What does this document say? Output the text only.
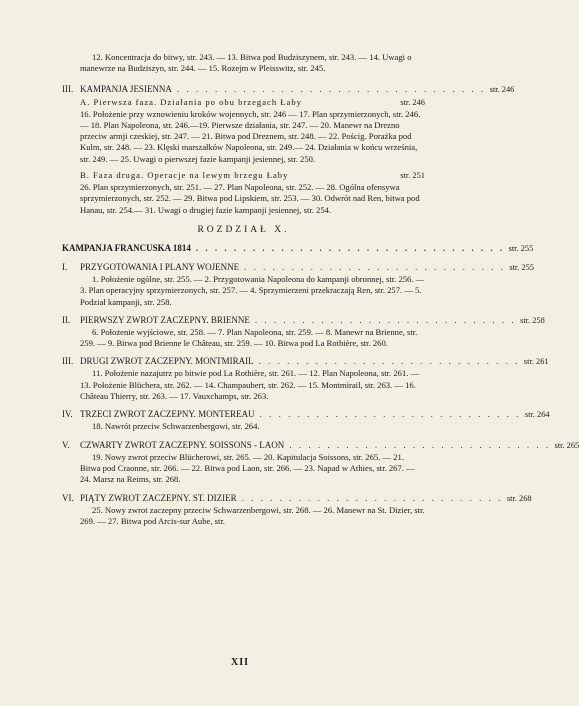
12. Koncentracja do bitwy, str. 243. — 13. Bitwa pod Budziszynem, str. 243. — 14. Uwagi o manewrze na Budziszyn, str. 244. — 15. Rozejm w Pleisswitz, str. 245.
III. KAMPANJA JESIENNA . . . . . . . . . . . . . . . . . . . . . . . . . . . . . . . . . str. 246
A. Pierwsza faza. Działania po obu brzegach Łaby	str. 246
16. Położenie przy wznowieniu kroków wojennych, str. 246 — 17. Plan sprzymierzonych, str. 246. — 18. Plan Napoleona, str. 246.—19. Pierwsze działania, str. 247. — 20. Manewr na Drezno przeciw armji czeskiej, str. 247. — 21. Bitwa pod Dreznem, str. 248. — 22. Pościg. Porażka pod Kulm, str. 248. — 23. Klęski marszałków Napoleona, str. 249.— 24. Działania w końcu września, str. 249. — 25. Uwagi o pierwszej fazie kampanji jesiennej, str. 250.
B. Faza druga. Operacje na lewym brzegu Łaby	str. 251
26. Plan sprzymierzonych, str. 251. — 27. Plan Napoleona, str. 252. — 28. Ogólna ofensywa sprzymierzonych, str. 252. — 29. Bitwa pod Lipskiem, str. 253. — 30. Odwrót nad Ren, bitwa pod Hanau, str. 254.— 31. Uwagi o drugiej fazie kampanji jesiennej, str. 254.
ROZDZIAŁ X.
KAMPANJA FRANCUSKA 1814 . . . . . . . . . . . . . . . . . . . . . . . . . . . . . . . . . str. 255
I.	PRZYGOTOWANIA I PLANY WOJENNE . . . . . . . . . . . . . . . . . . . . . . . . . . . . str. 255
1. Położenie ogólne, str. 255. — 2. Przygotowania Napoleona do kampanji obronnej, str. 256. — 3. Plan operacyjny sprzymierzonych, str. 257. — 4. Sprzymierzeni przekraczają Ren, str. 257. — 5. Podział kampanji, str. 258.
II.	PIERWSZY ZWROT ZACZEPNY. BRIENNE . . . . . . . . . . . . . . . . . . . . . . . . . . . . str. 258
6. Położenie wyjściowe, str. 258. — 7. Plan Napoleona, str. 259. — 8. Manewr na Brienne, str. 259. — 9. Bitwa pod Brienne le Château, str. 259. — 10. Bitwa pod La Rothière, str. 260.
III. DRUGI ZWROT ZACZEPNY. MONTMIRAIL . . . . . . . . . . . . . . . . . . . . . . . . . . . . str. 261
11. Położenie nazajutrz po bitwie pod La Rothière, str. 261. — 12. Plan Napoleona, str. 261. — 13. Położenie Blüchera, str. 262. — 14. Champaubert, str. 262. — 15. Montmirail, str. 263. — 16. Château Thierry, str. 263. — 17. Vauxchamps, str. 263.
IV. TRZECI ZWROT ZACZEPNY. MONTEREAU . . . . . . . . . . . . . . . . . . . . . . . . . . . . str. 264
18. Nawrót przeciw Schwarzenbergowi, str. 264.
V.	CZWARTY ZWROT ZACZEPNY. SOISSONS - LAON . . . . . . . . . . . . . . . . . . . . . . . . . . . . str. 265
19. Nowy zwrot przeciw Blücherowi, str. 265. — 20. Kapitulacja Soissons, str. 265. — 21. Bitwa pod Craonne, str. 266. — 22. Bitwa pod Laon, str. 266. — 23. Napad w Athies, str. 267. — 24. Marsz na Reims, str. 268.
VI. PIĄTY ZWROT ZACZEPNY. ST. DIZIER . . . . . . . . . . . . . . . . . . . . . . . . . . . . str. 268
25. Nowy zwrot zaczepny przeciw Schwarzenbergowi, str. 268. — 26. Manewr na St. Dizier, str. 269. — 27. Bitwa pod Arcis-sur Aube, str.
XII
